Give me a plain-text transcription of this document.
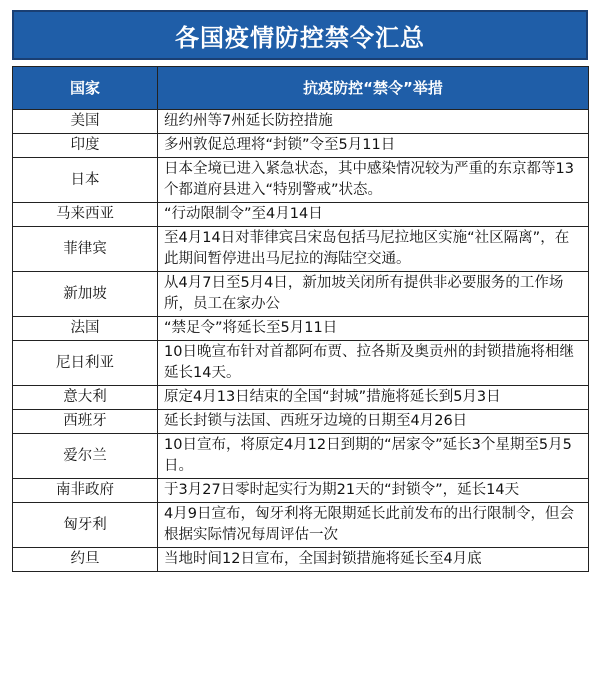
各国疫情防控禁令汇总
国家	抗疫防控“禁令”举措
美国	纽约州等7州延长防控措施
印度	多州敦促总理将“封锁”令至5月11日
日本	日本全境已进入紧急状态，其中感染情况较为严重的东京都等13个都道府县进入“特别警戒”状态。
马来西亚	“行动限制令”至4月14日
菲律宾	至4月14日对菲律宾吕宋岛包括马尼拉地区实施“社区隔离”，在此期间暂停进出马尼拉的海陆空交通。
新加坡	从4月7日至5月4日，新加坡关闭所有提供非必要服务的工作场所，员工在家办公
法国	“禁足令”将延长至5月11日
尼日利亚	10日晚宣布针对首都阿布贾、拉各斯及奥贡州的封锁措施将相继延长14天。
意大利	原定4月13日结束的全国“封城”措施将延长到5月3日
西班牙	延长封锁与法国、西班牙边境的日期至4月26日
爱尔兰	10日宣布，将原定4月12日到期的“居家令”延长3个星期至5月5日。
南非政府	于3月27日零时起实行为期21天的“封锁令”，延长14天
匈牙利	4月9日宣布，匈牙利将无限期延长此前发布的出行限制令，但会根据实际情况每周评估一次
约旦	当地时间12日宣布，全国封锁措施将延长至4月底
